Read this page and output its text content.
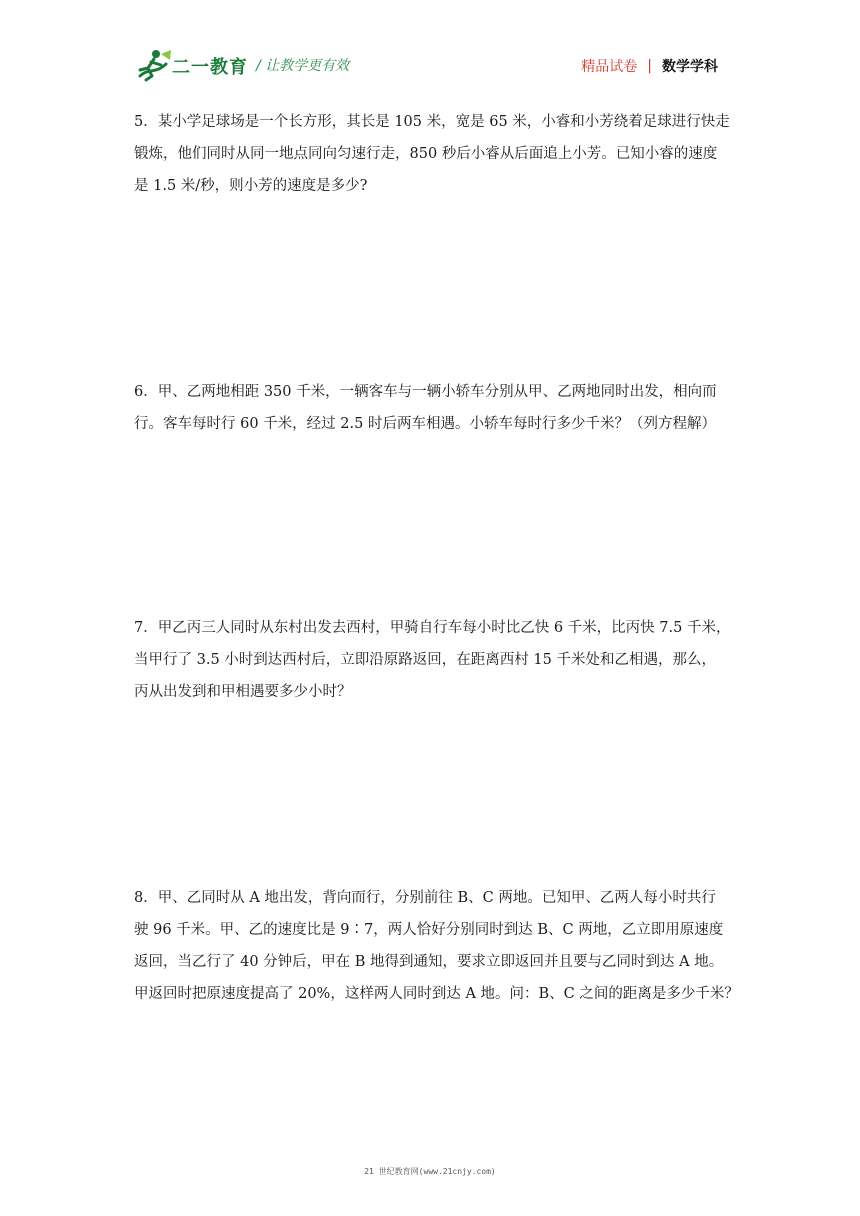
二一教育 / 让教学更有效	精品试卷 | 数学学科
5．某小学足球场是一个长方形，其长是 105 米，宽是 65 米，小睿和小芳绕着足球进行快走
锻炼，他们同时从同一地点同向匀速行走，850 秒后小睿从后面追上小芳。已知小睿的速度
是 1.5 米/秒，则小芳的速度是多少?
6．甲、乙两地相距 350 千米，一辆客车与一辆小轿车分别从甲、乙两地同时出发，相向而
行。客车每时行 60 千米，经过 2.5 时后两车相遇。小轿车每时行多少千米？（列方程解）
7．甲乙丙三人同时从东村出发去西村，甲骑自行车每小时比乙快 6 千米，比丙快 7.5 千米，
当甲行了 3.5 小时到达西村后，立即沿原路返回，在距离西村 15 千米处和乙相遇，那么，
丙从出发到和甲相遇要多少小时？
8．甲、乙同时从 A 地出发，背向而行，分别前往 B、C 两地。已知甲、乙两人每小时共行
驶 96 千米。甲、乙的速度比是 9∶7，两人恰好分别同时到达 B、C 两地，乙立即用原速度
返回，当乙行了 40 分钟后，甲在 B 地得到通知，要求立即返回并且要与乙同时到达 A 地。
甲返回时把原速度提高了 20%，这样两人同时到达 A 地。问：B、C 之间的距离是多少千米？
21 世纪教育网(www.21cnjy.com)
